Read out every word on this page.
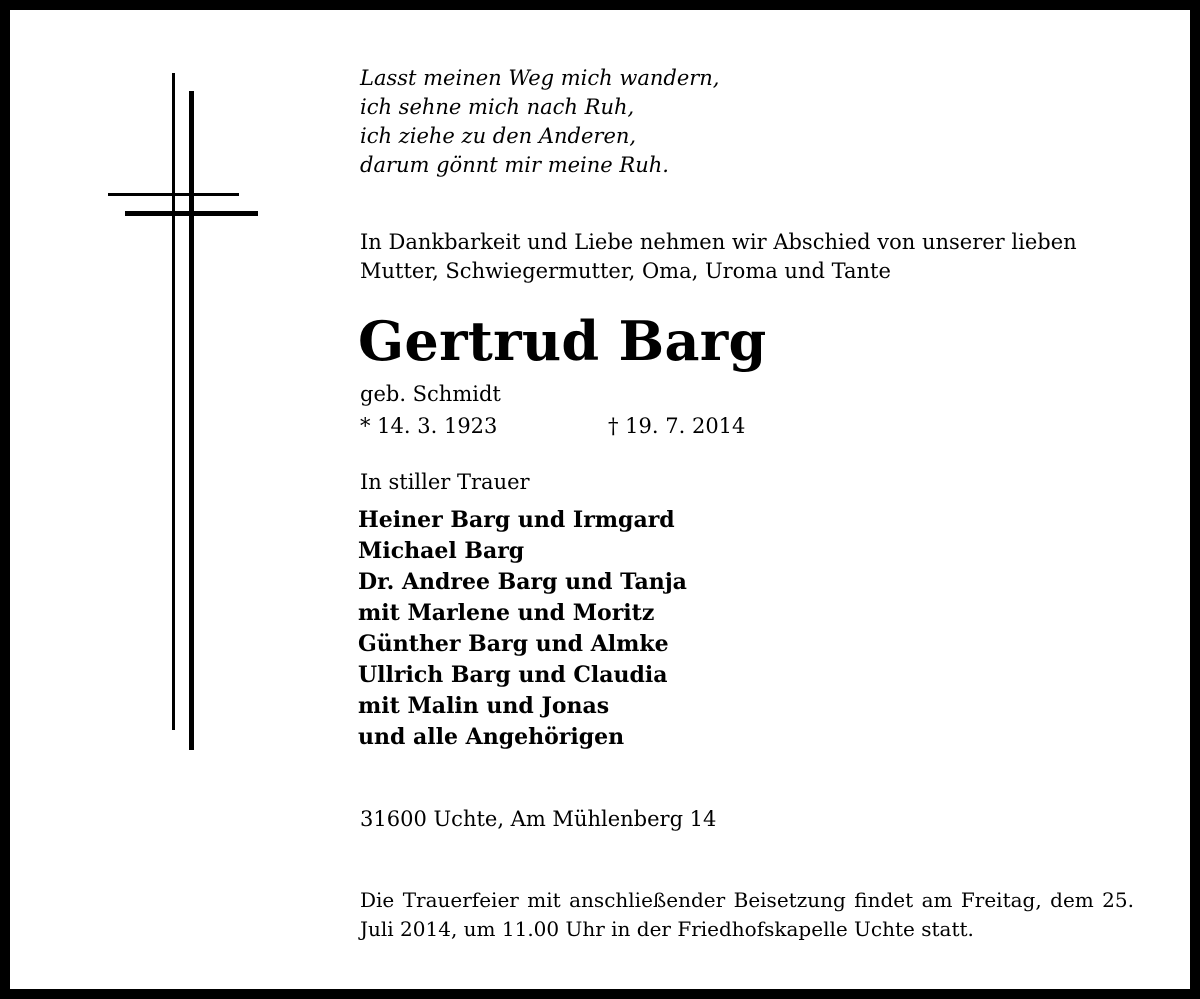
Lasst meinen Weg mich wandern,
ich sehne mich nach Ruh,
ich ziehe zu den Anderen,
darum gönnt mir meine Ruh.
In Dankbarkeit und Liebe nehmen wir Abschied von unserer lieben
Mutter, Schwiegermutter, Oma, Uroma und Tante
Gertrud Barg
geb. Schmidt
* 14. 3. 1923	† 19. 7. 2014
In stiller Trauer
Heiner Barg und Irmgard
Michael Barg
Dr. Andree Barg und Tanja
mit Marlene und Moritz
Günther Barg und Almke
Ullrich Barg und Claudia
mit Malin und Jonas
und alle Angehörigen
31600 Uchte, Am Mühlenberg 14
Die Trauerfeier mit anschließender Beisetzung findet am Freitag, dem 25. Juli 2014, um 11.00 Uhr in der Friedhofskapelle Uchte statt.
